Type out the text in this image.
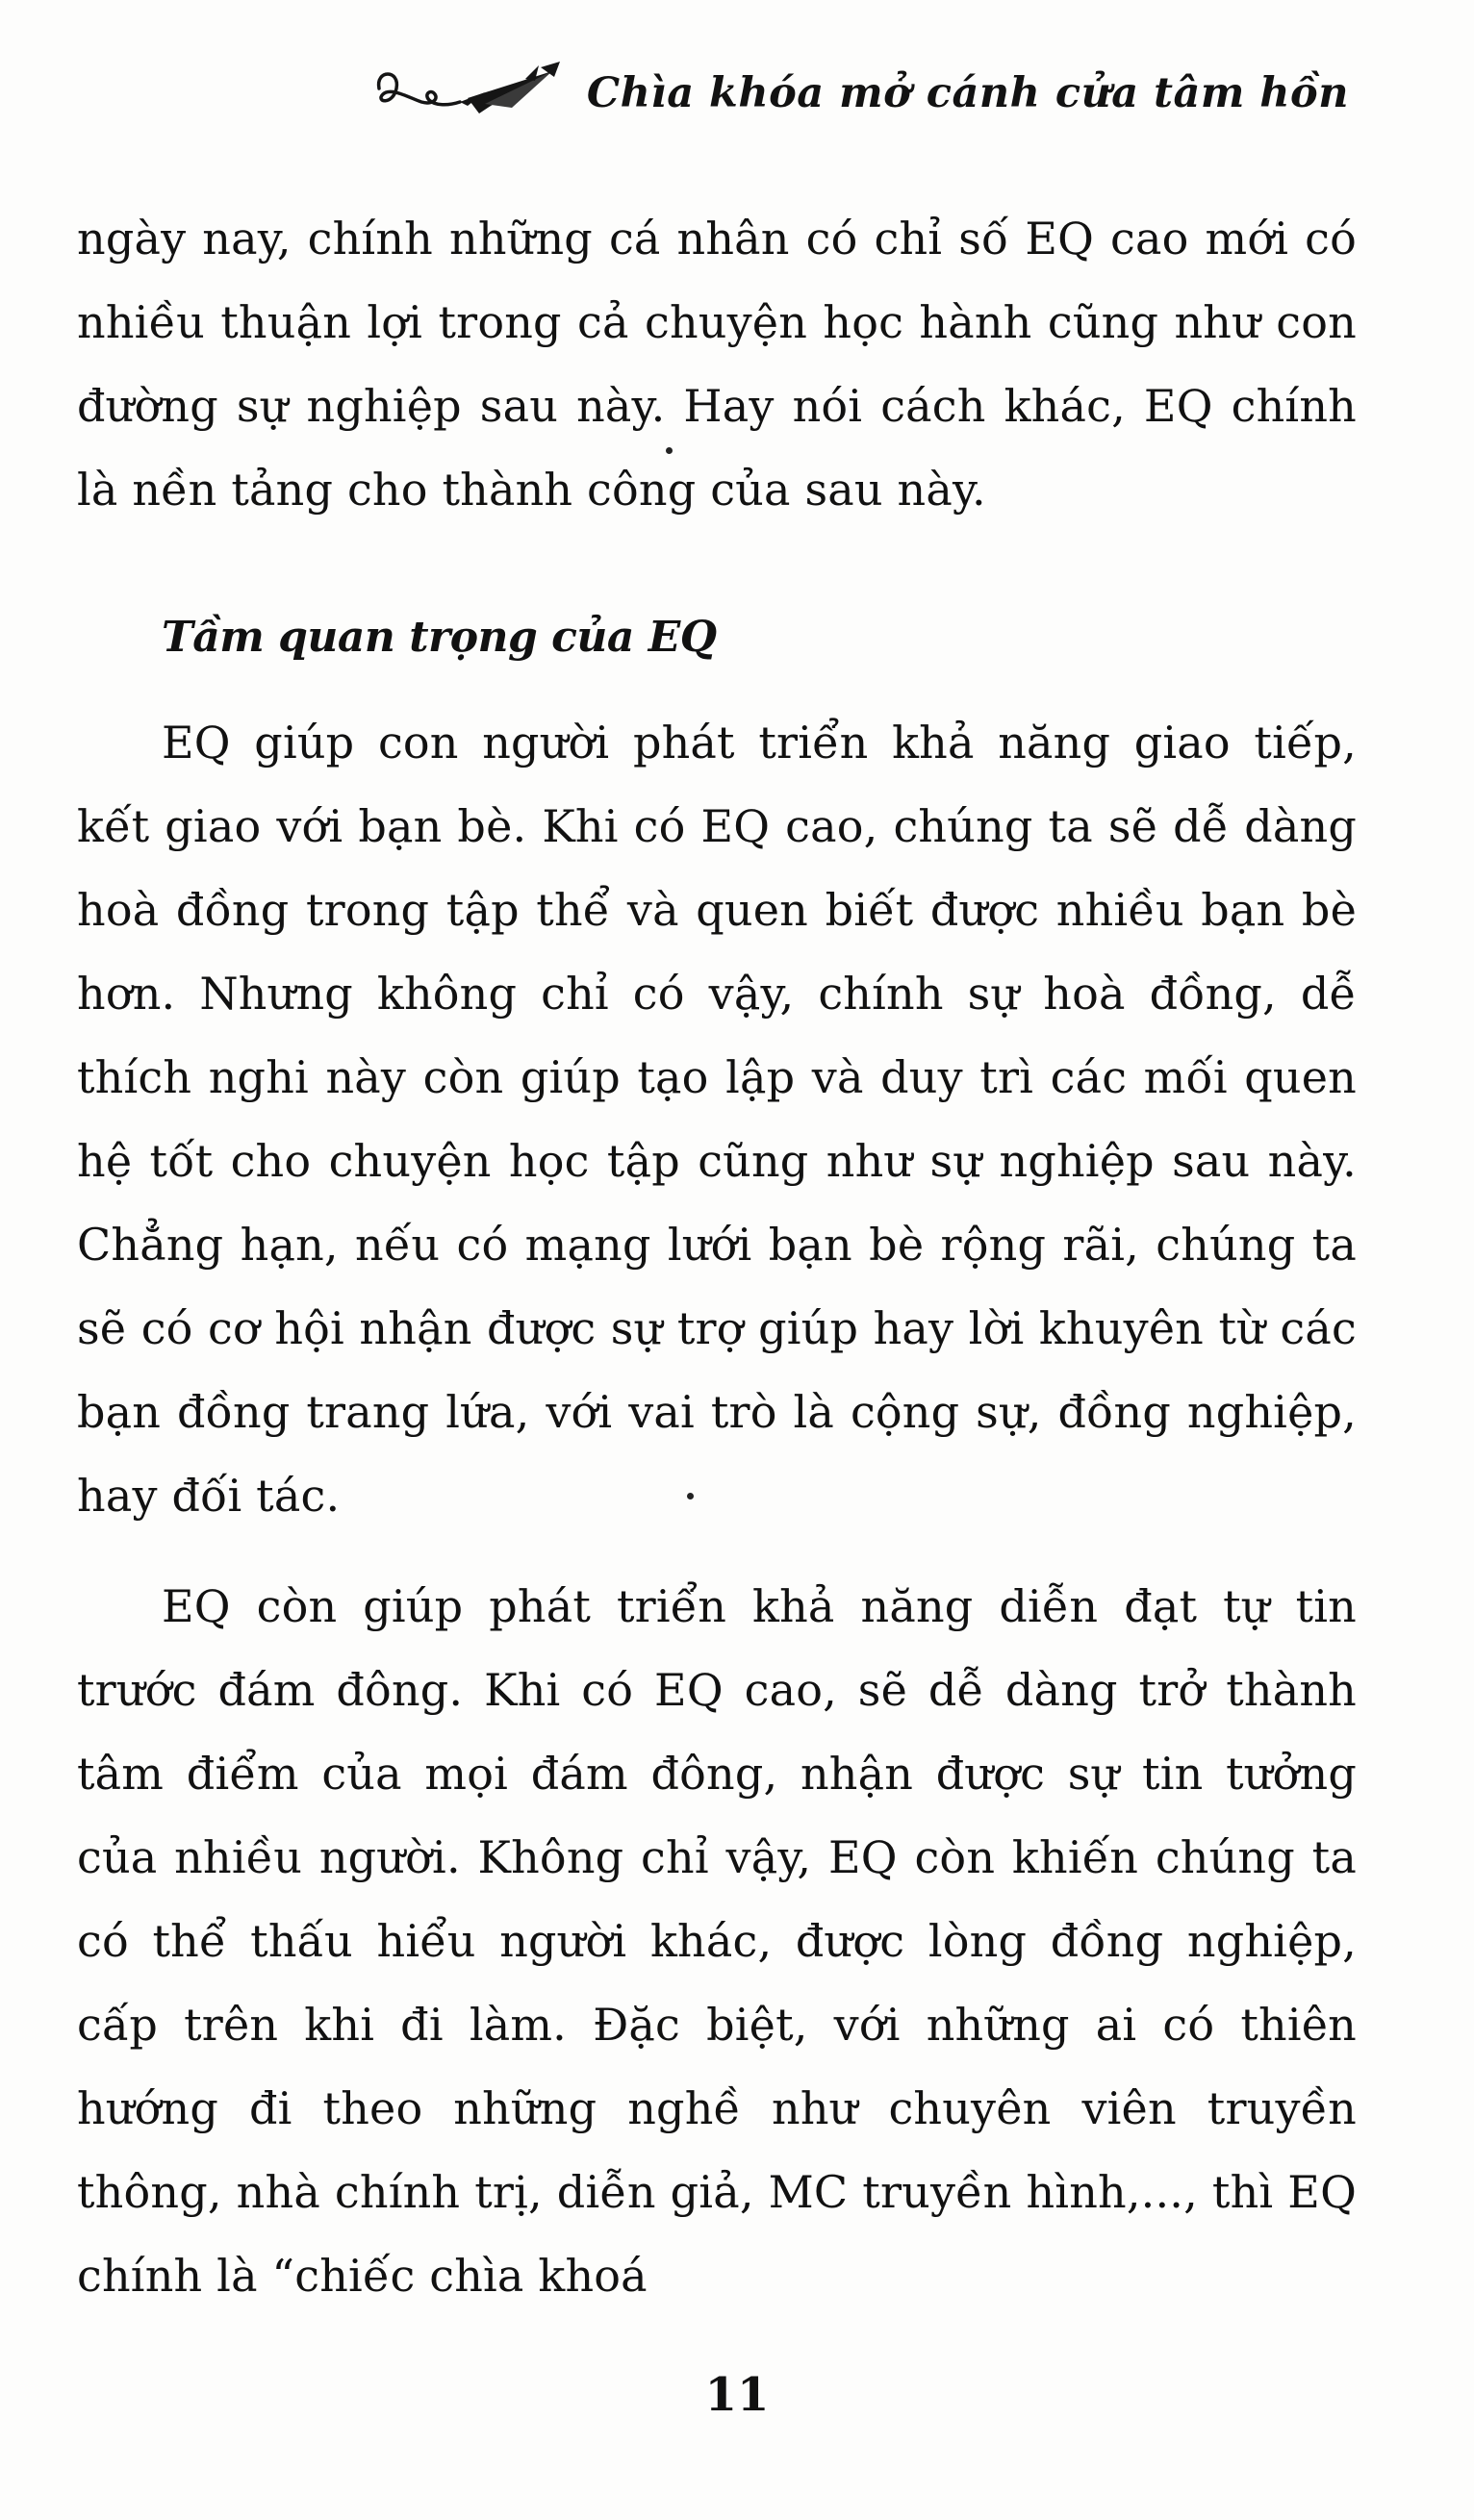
Chìa khóa mở cánh cửa tâm hồn

ngày nay, chính những cá nhân có chỉ số EQ cao mới có nhiều thuận lợi trong cả chuyện học hành cũng như con đường sự nghiệp sau này. Hay nói cách khác, EQ chính là nền tảng cho thành công của sau này.

Tầm quan trọng của EQ

EQ giúp con người phát triển khả năng giao tiếp, kết giao với bạn bè. Khi có EQ cao, chúng ta sẽ dễ dàng hoà đồng trong tập thể và quen biết được nhiều bạn bè hơn. Nhưng không chỉ có vậy, chính sự hoà đồng, dễ thích nghi này còn giúp tạo lập và duy trì các mối quen hệ tốt cho chuyện học tập cũng như sự nghiệp sau này. Chẳng hạn, nếu có mạng lưới bạn bè rộng rãi, chúng ta sẽ có cơ hội nhận được sự trợ giúp hay lời khuyên từ các bạn đồng trang lứa, với vai trò là cộng sự, đồng nghiệp, hay đối tác.

EQ còn giúp phát triển khả năng diễn đạt tự tin trước đám đông. Khi có EQ cao, sẽ dễ dàng trở thành tâm điểm của mọi đám đông, nhận được sự tin tưởng của nhiều người. Không chỉ vậy, EQ còn khiến chúng ta có thể thấu hiểu người khác, được lòng đồng nghiệp, cấp trên khi đi làm. Đặc biệt, với những ai có thiên hướng đi theo những nghề như chuyên viên truyền thông, nhà chính trị, diễn giả, MC truyền hình,..., thì EQ chính là “chiếc chìa khoá

11
